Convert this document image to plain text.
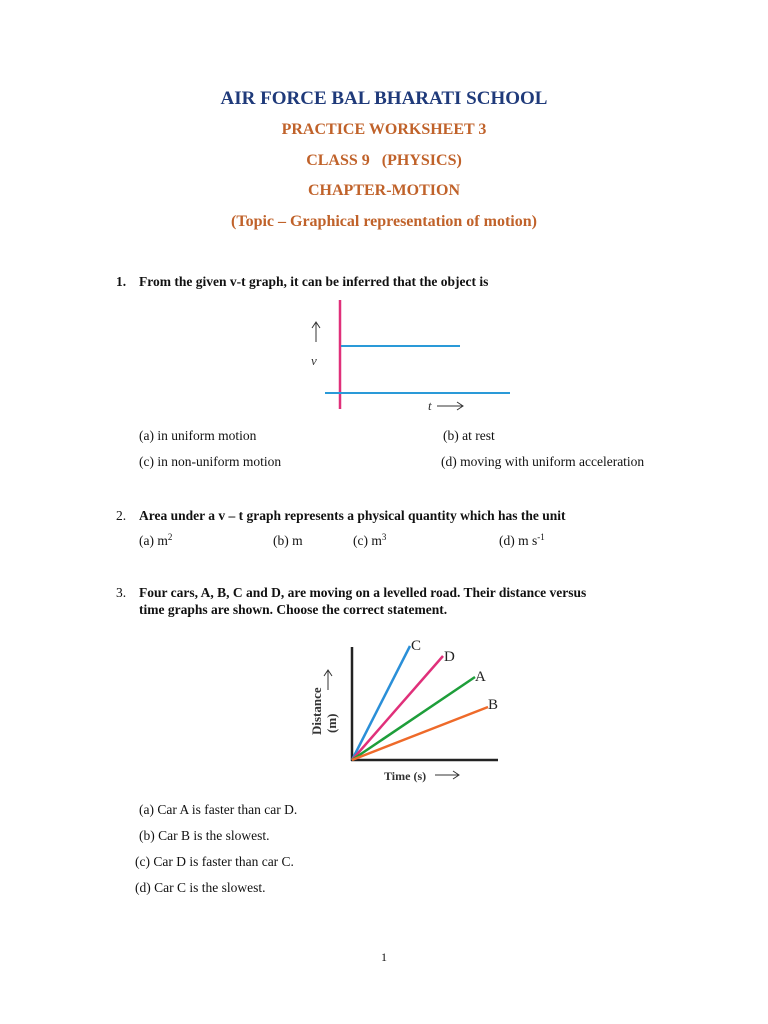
AIR FORCE BAL BHARATI SCHOOL
PRACTICE WORKSHEET 3
CLASS 9   (PHYSICS)
CHAPTER-MOTION
(Topic – Graphical representation of motion)
1. From the given v-t graph, it can be inferred that the object is
v
t
C
D
A
B
Distance (m)
Time (s)
(a) in uniform motion	(b) at rest
(c) in non-uniform motion	(d) moving with uniform acceleration
2. Area under a v – t graph represents a physical quantity which has the unit
(a) $m^2$	(b) m	(c) $m^3$	(d) m $s^{-1}$
3. Four cars, A, B, C and D, are moving on a levelled road. Their distance versus
time graphs are shown. Choose the correct statement.
(a) Car A is faster than car D.
(b) Car B is the slowest.
(c) Car D is faster than car C.
(d) Car C is the slowest.
1
